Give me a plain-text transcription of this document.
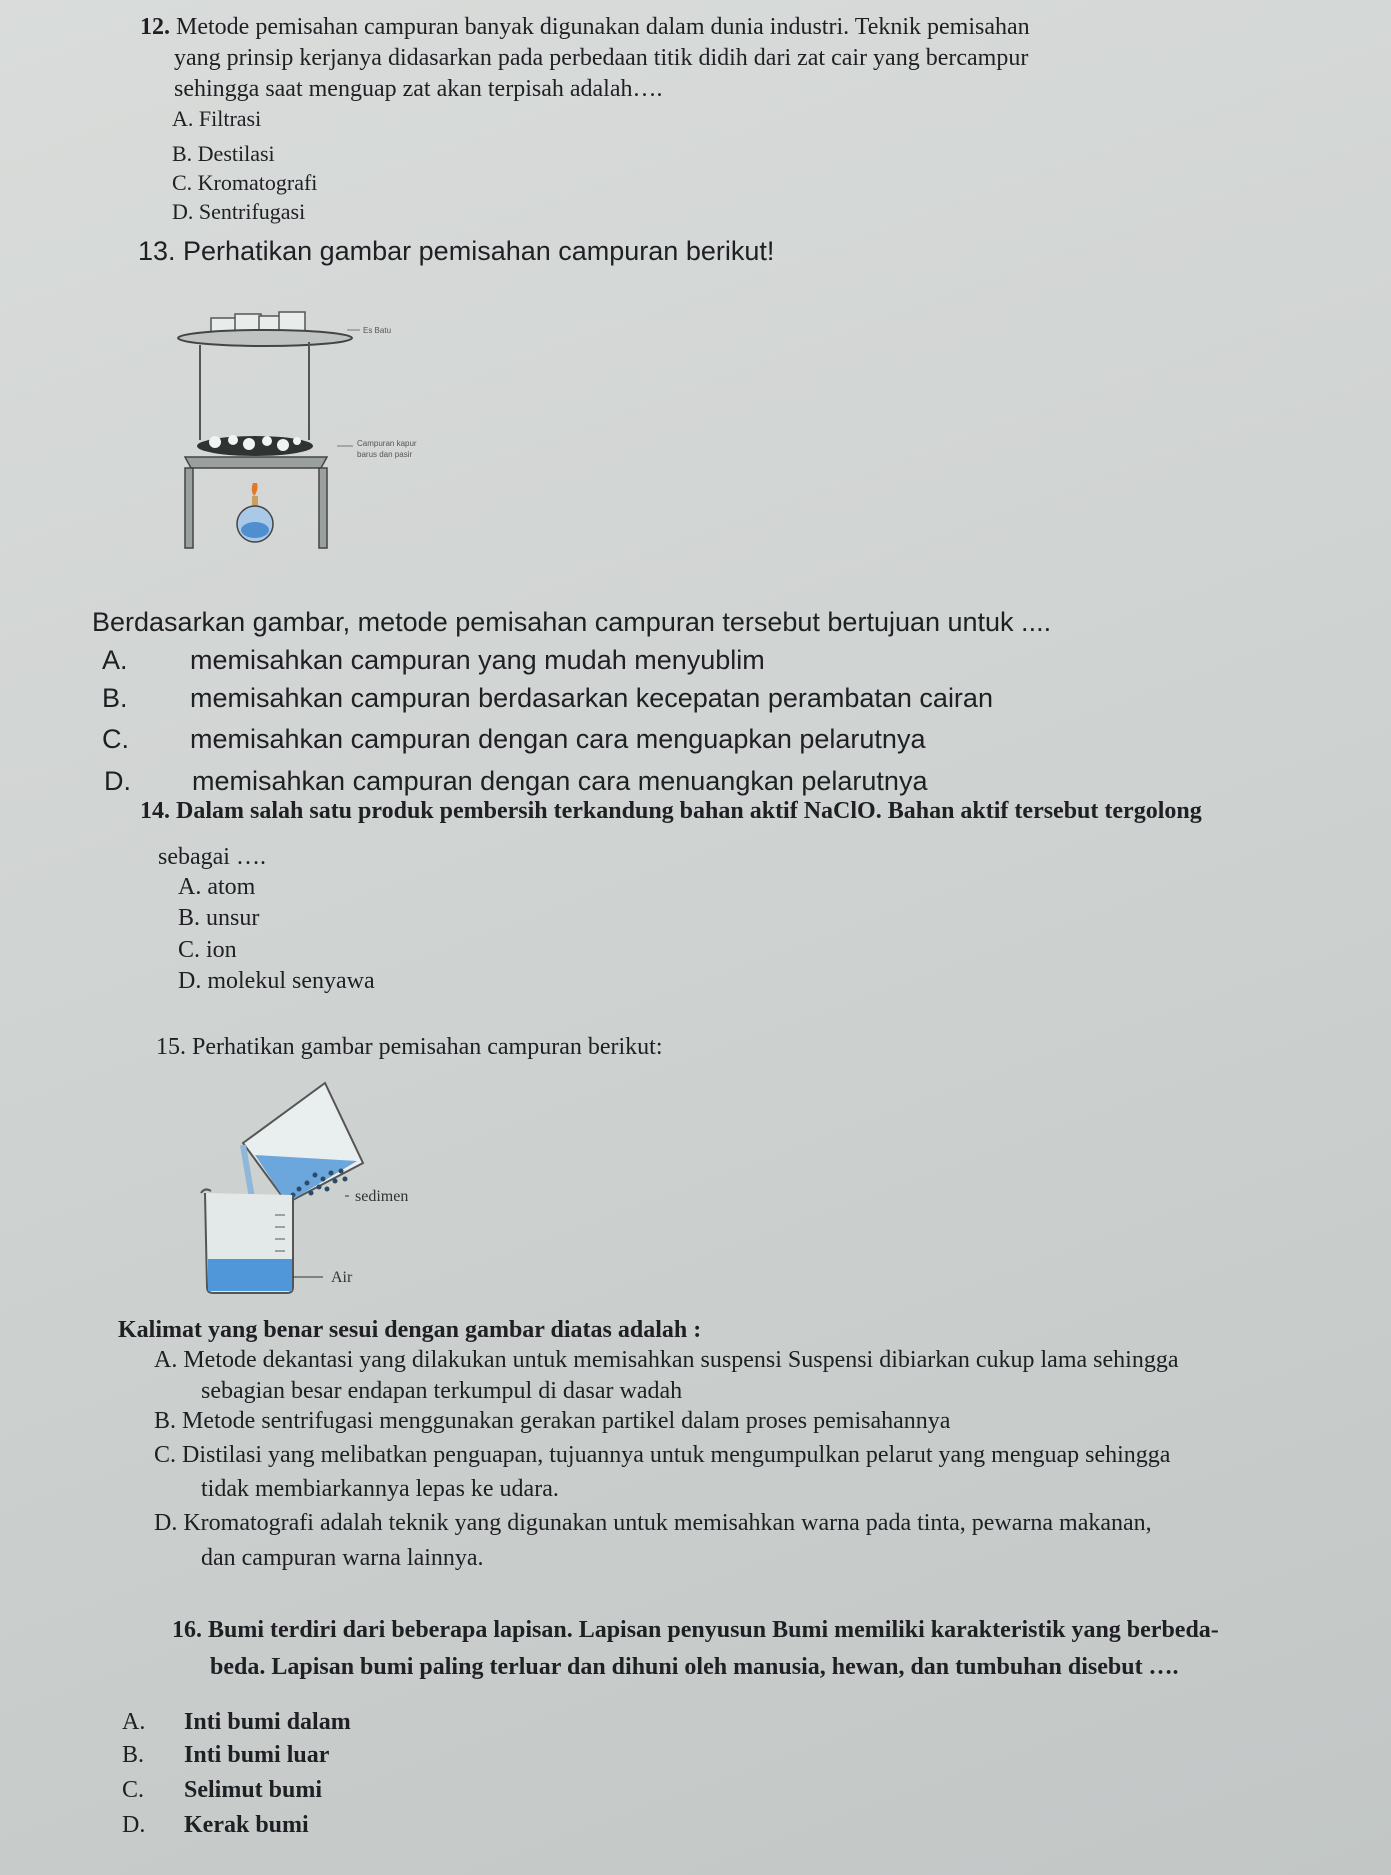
12. Metode pemisahan campuran banyak digunakan dalam dunia industri. Teknik pemisahan
yang prinsip kerjanya didasarkan pada perbedaan titik didih dari zat cair yang bercampur
sehingga saat menguap zat akan terpisah adalah….
A. Filtrasi
B. Destilasi
C. Kromatografi
D. Sentrifugasi
13. Perhatikan gambar pemisahan campuran berikut!
Es Batu
Campuran kapur
barus dan pasir
Berdasarkan gambar, metode pemisahan campuran tersebut bertujuan untuk ....
A. memisahkan campuran yang mudah menyublim
B. memisahkan campuran berdasarkan kecepatan perambatan cairan
C. memisahkan campuran dengan cara menguapkan pelarutnya
D. memisahkan campuran dengan cara menuangkan pelarutnya
14. Dalam salah satu produk pembersih terkandung bahan aktif NaClO. Bahan aktif tersebut tergolong
sebagai ….
A. atom
B. unsur
C. ion
D. molekul senyawa
15. Perhatikan gambar pemisahan campuran berikut:
sedimen
Air
Kalimat yang benar sesui dengan gambar diatas adalah :
A. Metode dekantasi yang dilakukan untuk memisahkan suspensi Suspensi dibiarkan cukup lama sehingga
sebagian besar endapan terkumpul di dasar wadah
B. Metode sentrifugasi menggunakan gerakan partikel dalam proses pemisahannya
C. Distilasi yang melibatkan penguapan, tujuannya untuk mengumpulkan pelarut yang menguap sehingga
tidak membiarkannya lepas ke udara.
D. Kromatografi adalah teknik yang digunakan untuk memisahkan warna pada tinta, pewarna makanan,
dan campuran warna lainnya.
16. Bumi terdiri dari beberapa lapisan. Lapisan penyusun Bumi memiliki karakteristik yang berbeda-
beda. Lapisan bumi paling terluar dan dihuni oleh manusia, hewan, dan tumbuhan disebut ….
A. Inti bumi dalam
B. Inti bumi luar
C. Selimut bumi
D. Kerak bumi
